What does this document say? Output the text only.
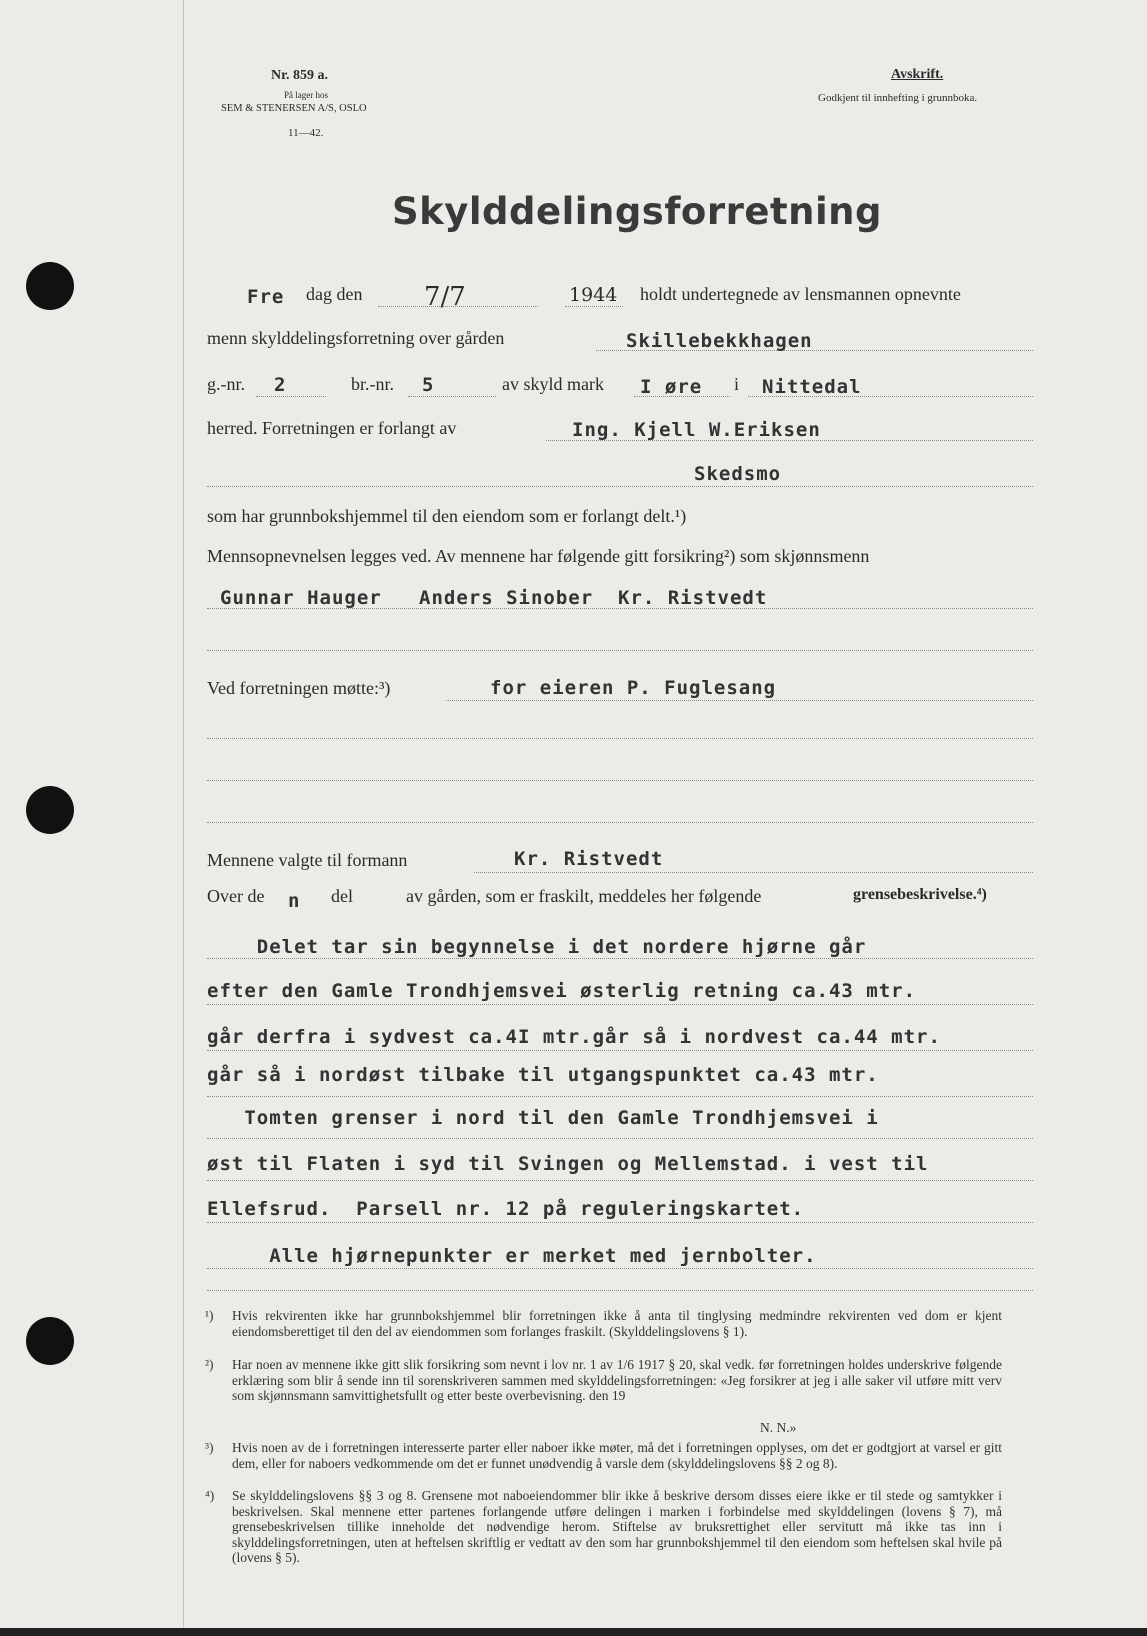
Nr. 859 a.
På lager hos
SEM & STENERSEN A/S, OSLO
11—42.
Avskrift.
Godkjent til innhefting i grunnboka.
Skylddelingsforretning
Fre dag den 7/7	1944 holdt undertegnede av lensmannen opnevnte
menn skylddelingsforretning over gården	Skillebekkhagen
g.-nr. 2	br.-nr. 5	av skyld mark I øre i Nittedal
herred. Forretningen er forlangt av	Ing. Kjell W.Eriksen
Skedsmo
som har grunnbokshjemmel til den eiendom som er forlangt delt.¹)
Mennsopnevnelsen legges ved. Av mennene har følgende gitt forsikring²) som skjønnsmenn
Gunnar Hauger   Anders Sinober  Kr. Ristvedt
Ved forretningen møtte:³)	for eieren P. Fuglesang
Mennene valgte til formann	Kr. Ristvedt
Over de n del	av gården, som er fraskilt, meddeles her følgende	grensebeskrivelse.⁴)
Delet tar sin begynnelse i det nordere hjørne går
efter den Gamle Trondhjemsvei østerlig retning ca.43 mtr.
går derfra i sydvest ca.4I mtr.går så i nordvest ca.44 mtr.
går så i nordøst tilbake til utgangspunktet ca.43 mtr.
Tomten grenser i nord til den Gamle Trondhjemsvei i
øst til Flaten i syd til Svingen og Mellemstad. i vest til
Ellefsrud.  Parsell nr. 12 på reguleringskartet.
Alle hjørnepunkter er merket med jernbolter.
¹) Hvis rekvirenten ikke har grunnbokshjemmel blir forretningen ikke å anta til tinglysing medmindre rekvirenten ved dom er kjent eiendomsberettiget til den del av eiendommen som forlanges fraskilt. (Skylddelingslovens § 1).
²) Har noen av mennene ikke gitt slik forsikring som nevnt i lov nr. 1 av 1/6 1917 § 20, skal vedk. før forretningen holdes underskrive følgende erklæring som blir å sende inn til sorenskriveren sammen med skylddelingsforretningen: «Jeg forsikrer at jeg i alle saker vil utføre mitt verv som skjønnsmann samvittighetsfullt og etter beste overbevisning. den 19
N. N.»
³) Hvis noen av de i forretningen interesserte parter eller naboer ikke møter, må det i forretningen opplyses, om det er godtgjort at varsel er gitt dem, eller for naboers vedkommende om det er funnet unødvendig å varsle dem (skylddelingslovens §§ 2 og 8).
⁴) Se skylddelingslovens §§ 3 og 8. Grensene mot naboeiendommer blir ikke å beskrive dersom disses eiere ikke er til stede og samtykker i beskrivelsen. Skal mennene etter partenes forlangende utføre delingen i marken i forbindelse med skylddelingen (lovens § 7), må grensebeskrivelsen tillike inneholde det nødvendige herom. Stiftelse av bruksrettighet eller servitutt må ikke tas inn i skylddelingsforretningen, uten at heftelsen skriftlig er vedtatt av den som har grunnbokshjemmel til den eiendom som heftelsen skal hvile på (lovens § 5).
